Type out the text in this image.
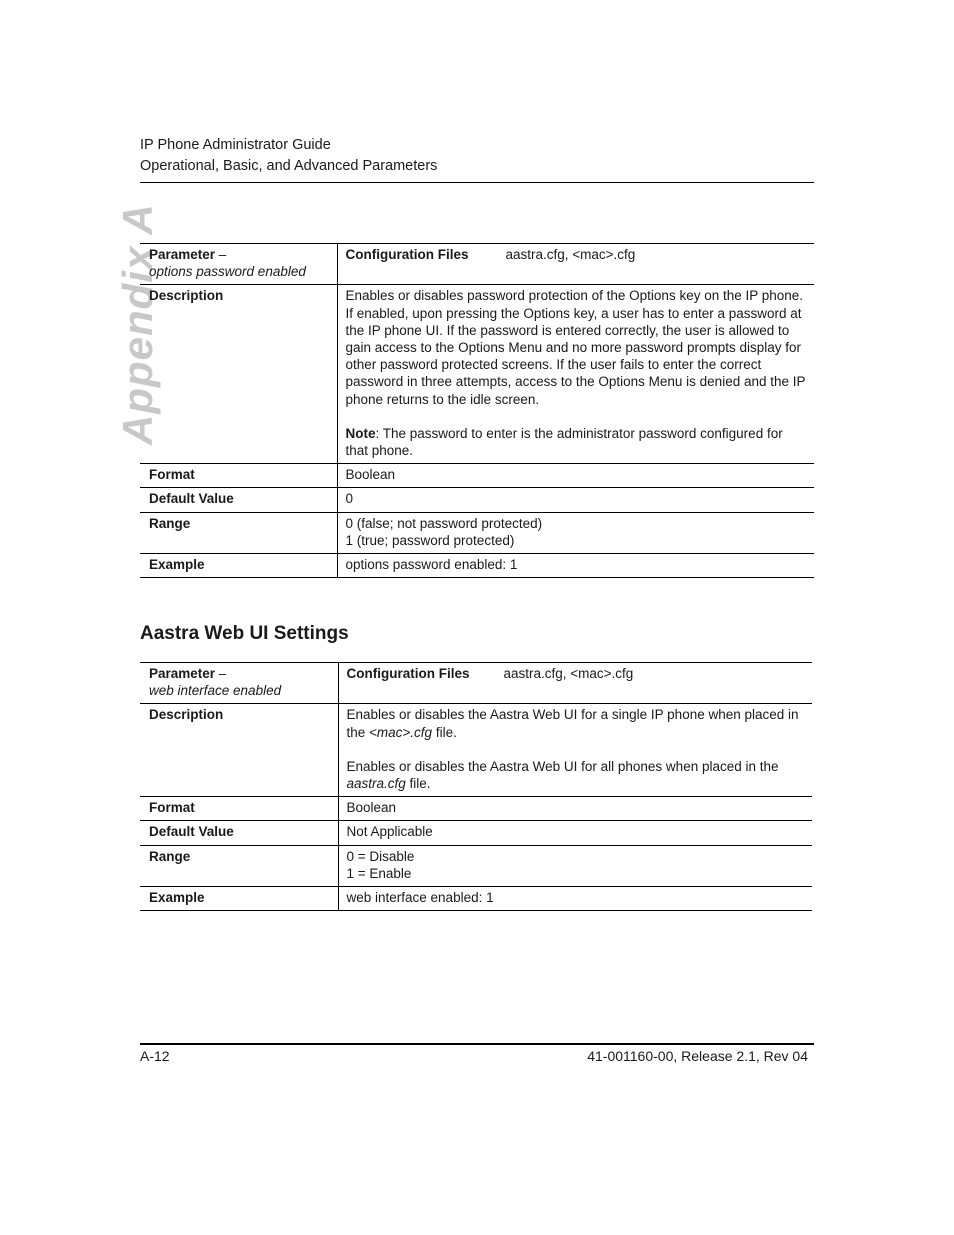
IP Phone Administrator Guide
Operational, Basic, and Advanced Parameters
Appendix A
Parameter –
options password enabled	Configuration Files aastra.cfg, <mac>.cfg
Description	Enables or disables password protection of the Options key on the IP phone. If enabled, upon pressing the Options key, a user has to enter a password at the IP phone UI. If the password is entered correctly, the user is allowed to gain access to the Options Menu and no more password prompts display for other password protected screens. If the user fails to enter the correct password in three attempts, access to the Options Menu is denied and the IP phone returns to the idle screen.
Note: The password to enter is the administrator password configured for that phone.

Format	Boolean
Default Value	0
Range	0 (false; not password protected)
1 (true; password protected)

Example	options password enabled: 1
Aastra Web UI Settings
Parameter –
web interface enabled	Configuration Files aastra.cfg, <mac>.cfg
Description	Enables or disables the Aastra Web UI for a single IP phone when placed in the <mac>.cfg file.
Enables or disables the Aastra Web UI for all phones when placed in the aastra.cfg file.

Format	Boolean
Default Value	Not Applicable
Range	0 = Disable
1 = Enable

Example	web interface enabled: 1
A-12	41-001160-00, Release 2.1, Rev 04
